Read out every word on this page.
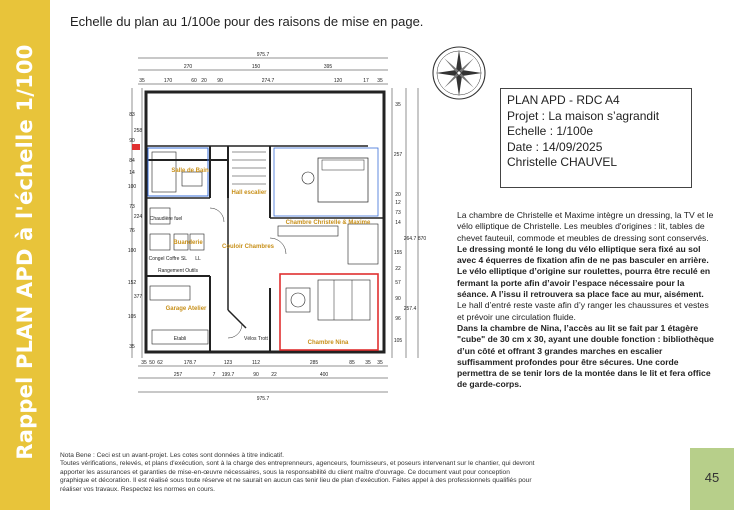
Rappel PLAN APD à l'échelle 1/100
Echelle du plan au 1/100e pour des raisons de mise en page.
PLAN APD - RDC A4
Projet : La maison s’agrandit
Echelle : 1/100e
Date : 14/09/2025
Christelle CHAUVEL

La chambre de Christelle et Maxime intègre un dressing, la TV et le vélo elliptique de Christelle. Les meubles d'origines : lit, tables de chevet fauteuil, commode et meubles de dressing sont conservés.

Le dressing monté le long du vélo elliptique sera fixé au sol avec 4 équerres de fixation afin de ne pas basculer en arrière.

Le vélo elliptique d’origine sur roulettes, pourra être reculé en fermant la porte afin d’avoir l’espace nécessaire pour la séance. A l’issu il retrouvera sa place face au mur, aisément.

Le hall d’entré reste vaste afin d’y ranger les chaussures et vestes et prévoir une circulation fluide.

Dans la chambre de Nina, l’accès au lit se fait par 1 étagère "cube" de 30 cm x 30, ayant une double fonction : bibliothèque d’un côté et offrant 3 grandes marches en escalier suffisamment profondes pour être sécures. Une corde permettra de se tenir lors de la montée dans le lit et fera office de garde-corps.

Salle de Bain
Hall escalier
Chambre Christelle & Maxime
Buanderie
Couloir Chambres
Garage Atelier
Chambre Nina
Chaudière fuel
Congel Coffre SL LL
Rangement Outils
Etabli	Vélos Trott
975.7
270	150	395
35	170	60 20 90	274.7	120	17 35
35 50 62	178.7	123	112	285	85 35 35
257	7 199.7	90 22	400
975.7
83
258
90
84
14
100
73
224
76
100
152
377
105
35
35
257
20
12
73
14
264.7 870
155
22
57
90
257.4
96
105
Nota Bene : Ceci est un avant-projet. Les cotes sont données à titre indicatif.
Toutes vérifications, relevés, et plans d'exécution, sont à la charge des entreprenneurs, agenceurs, fournisseurs, et poseurs intervenant sur le chantier, qui devront
apporter les assurances et garanties de mise-en-œuvre nécessaires, sous la responsabilité du client maître d'ouvrage. Ce document vaut pour conception
graphique et décoration. Il est réalisé sous toute réserve et ne saurait en aucun cas tenir lieu de plan d'exécution. Faites appel à des professionnels qualifiés pour
réaliser vos travaux. Respectez les normes en cours.
45
